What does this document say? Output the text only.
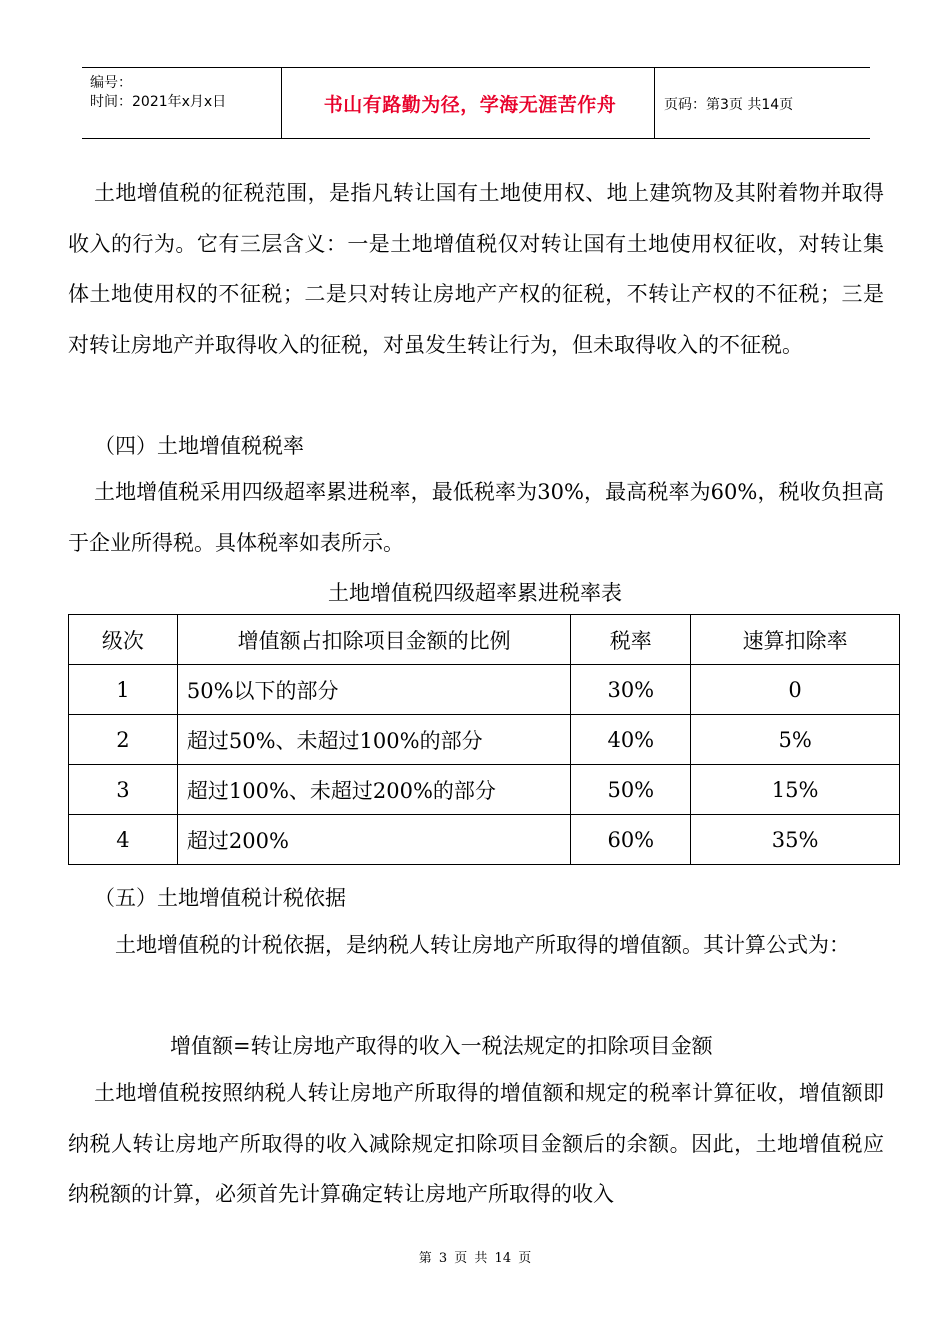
编号：
时间：2021年x月x日	书山有路勤为径，学海无涯苦作舟	页码：第3页 共14页

土地增值税的征税范围，是指凡转让国有土地使用权、地上建筑物及其附着物并取得收入的行为。它有三层含义：一是土地增值税仅对转让国有土地使用权征收，对转让集体土地使用权的不征税；二是只对转让房地产产权的征税，不转让产权的不征税；三是对转让房地产并取得收入的征税，对虽发生转让行为，但未取得收入的不征税。

（四）土地增值税税率

土地增值税采用四级超率累进税率，最低税率为30%，最高税率为60%，税收负担高于企业所得税。具体税率如表所示。

土地增值税四级超率累进税率表
级次	增值额占扣除项目金额的比例	税率	速算扣除率
1	50%以下的部分	30%	0
2	超过50%、未超过100%的部分	40%	5%
3	超过100%、未超过200%的部分	50%	15%
4	超过200%	60%	35%

（五）土地增值税计税依据

土地增值税的计税依据，是纳税人转让房地产所取得的增值额。其计算公式为：

增值额=转让房地产取得的收入一税法规定的扣除项目金额

土地增值税按照纳税人转让房地产所取得的增值额和规定的税率计算征收，增值额即纳税人转让房地产所取得的收入减除规定扣除项目金额后的余额。因此，土地增值税应纳税额的计算，必须首先计算确定转让房地产所取得的收入

第 3 页 共 14 页
